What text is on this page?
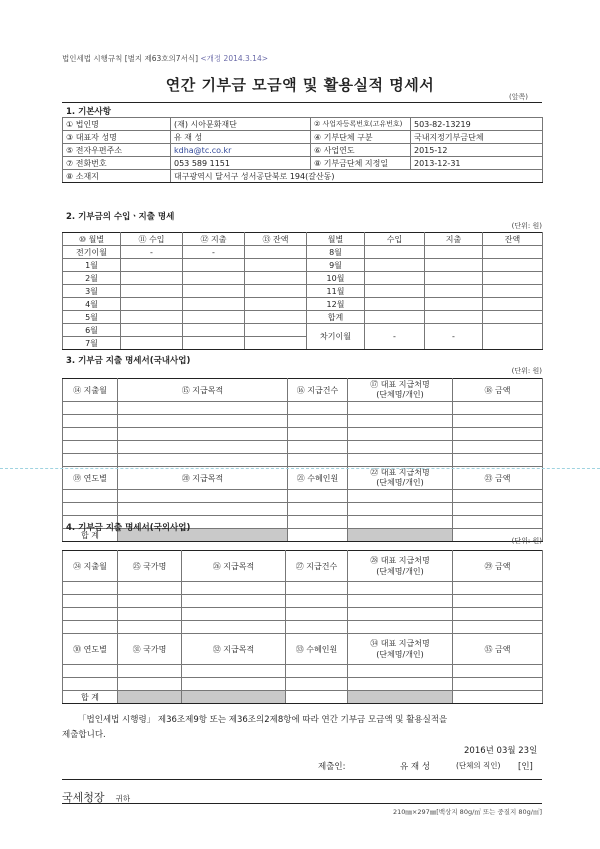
법인세법 시행규칙 [별지 제63호의7서식] <개정 2014.3.14>
연간 기부금 모금액 및 활용실적 명세서
(앞쪽)
1. 기본사항
① 법인명	(재) 시아문화재단	② 사업자등록번호(고유번호)	503-82-13219
③ 대표자 성명	유 재 성	④ 기부단체 구분	국내지정기부금단체
⑤ 전자우편주소	kdha@tc.co.kr	⑥ 사업연도	2015-12
⑦ 전화번호	053 589 1151	⑧ 기부금단체 지정일	2013-12-31
⑧ 소재지	대구광역시 달서구 성서공단북로 194(갈산동)		
2. 기부금의 수입ㆍ지출 명세
(단위: 원)
⑩ 월별	⑪ 수입	⑫ 지출	⑬ 잔액	월별	수입	지출	잔액
전기이월	-	-		8월			
1월				9월			
2월				10월			
3월				11월			
4월				12월			
5월				합계			
6월				차기이월	-	-	
7월							
3. 기부금 지출 명세서(국내사업)
(단위: 원)
⑭ 지출월	⑮ 지급목적	⑯ 지급건수	⑰ 대표 지급처명
(단체명/개인)	⑱ 금액

⑲ 연도별	⑳ 지급목적	㉑ 수혜인원	㉒ 대표 지급처명
(단체명/개인)	㉓ 금액

합 계				
4. 기부금 지출 명세서(국외사업)
(단위: 원)
㉔ 지출월	㉕ 국가명	㉖ 지급목적	㉗ 지급건수	㉘ 대표 지급처명
(단체명/개인)	㉙ 금액

㉚ 연도별	㉛ 국가명	㉜ 지급목적	㉝ 수혜인원	㉞ 대표 지급처명
(단체명/개인)	㉟ 금액

합 계					
「법인세법 시행령」 제36조제9항 또는 제36조의2제8항에 따라 연간 기부금 모금액 및 활용실적을
제출합니다.
2016년 03월 23일
제출인:	유 재 성	(단체의 직인) [인]
국세청장 귀하
210㎜×297㎜[백상지 80g/㎡ 또는 중질지 80g/㎡]
